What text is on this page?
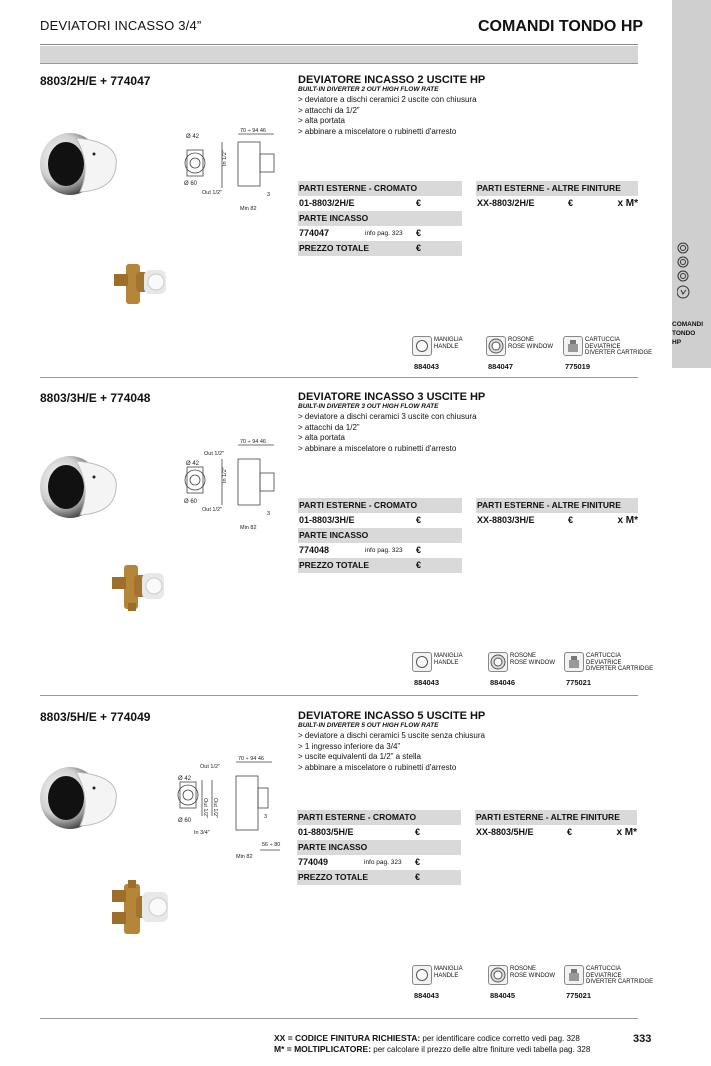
DEVIATORI INCASSO 3/4”	COMANDI TONDO HP
COMANDI
TONDO
HP
8803/2H/E + 774047	DEVIATORE INCASSO 2 USCITE HP
BUILT-IN DIVERTER 2 OUT HIGH FLOW RATE
> deviatore a dischi ceramici 2 uscite con chiusura
> attacchi da 1/2”
> alta portata
> abbinare a miscelatore o rubinetti d'arresto
Ø 42
Ø 60
70 ÷ 94 46
Out 1/2"
In 1/2"
Min 82
3
PARTI ESTERNE - CROMATO
01-8803/2H/E	€
PARTE INCASSO
774047	info pag. 323 €
PREZZO TOTALE	€
PARTI ESTERNE - ALTRE FINITURE
XX-8803/2H/E	€	x M*
MANIGLIA
HANDLE
884043
ROSONE
ROSE WINDOW
884047
CARTUCCIA
DEVIATRICE
DIVERTER CARTRIDGE
775019
8803/3H/E + 774048	DEVIATORE INCASSO 3 USCITE HP
BUILT-IN DIVERTER 3 OUT HIGH FLOW RATE
> deviatore a dischi ceramici 3 uscite con chiusura
> attacchi da 1/2”
> alta portata
> abbinare a miscelatore o rubinetti d'arresto
Ø 42
Ø 60
70 ÷ 94 46
Out 1/2"
Out 1/2"
In 1/2"
Min 82
3
PARTI ESTERNE - CROMATO
01-8803/3H/E	€
PARTE INCASSO
774048	info pag. 323 €
PREZZO TOTALE	€
PARTI ESTERNE - ALTRE FINITURE
XX-8803/3H/E	€	x M*
MANIGLIA
HANDLE
884043
ROSONE
ROSE WINDOW
884046
CARTUCCIA
DEVIATRICE
DIVERTER CARTRIDGE
775021
8803/5H/E + 774049	DEVIATORE INCASSO 5 USCITE HP
BUILT-IN DIVERTER 5 OUT HIGH FLOW RATE
> deviatore a dischi ceramici 5 uscite senza chiusura
> 1 ingresso inferiore da 3/4”
> uscite equivalenti da 1/2” a stella
> abbinare a miscelatore o rubinetti d'arresto
Out 1/2"
Ø 42
Ø 60
In 3/4"
70 ÷ 94 46
Out 1/2" Out 1/2"	3
56 ÷ 80
Min 82
PARTI ESTERNE - CROMATO
01-8803/5H/E	€
PARTE INCASSO
774049	info pag. 323 €
PREZZO TOTALE	€
PARTI ESTERNE - ALTRE FINITURE
XX-8803/5H/E	€	x M*
MANIGLIA
HANDLE
884043
ROSONE
ROSE WINDOW
884045
CARTUCCIA
DEVIATRICE
DIVERTER CARTRIDGE
775021
XX = CODICE FINITURA RICHIESTA: per identificare codice corretto vedi pag. 328
M* = MOLTIPLICATORE: per calcolare il prezzo delle altre finiture vedi tabella pag. 328
333
